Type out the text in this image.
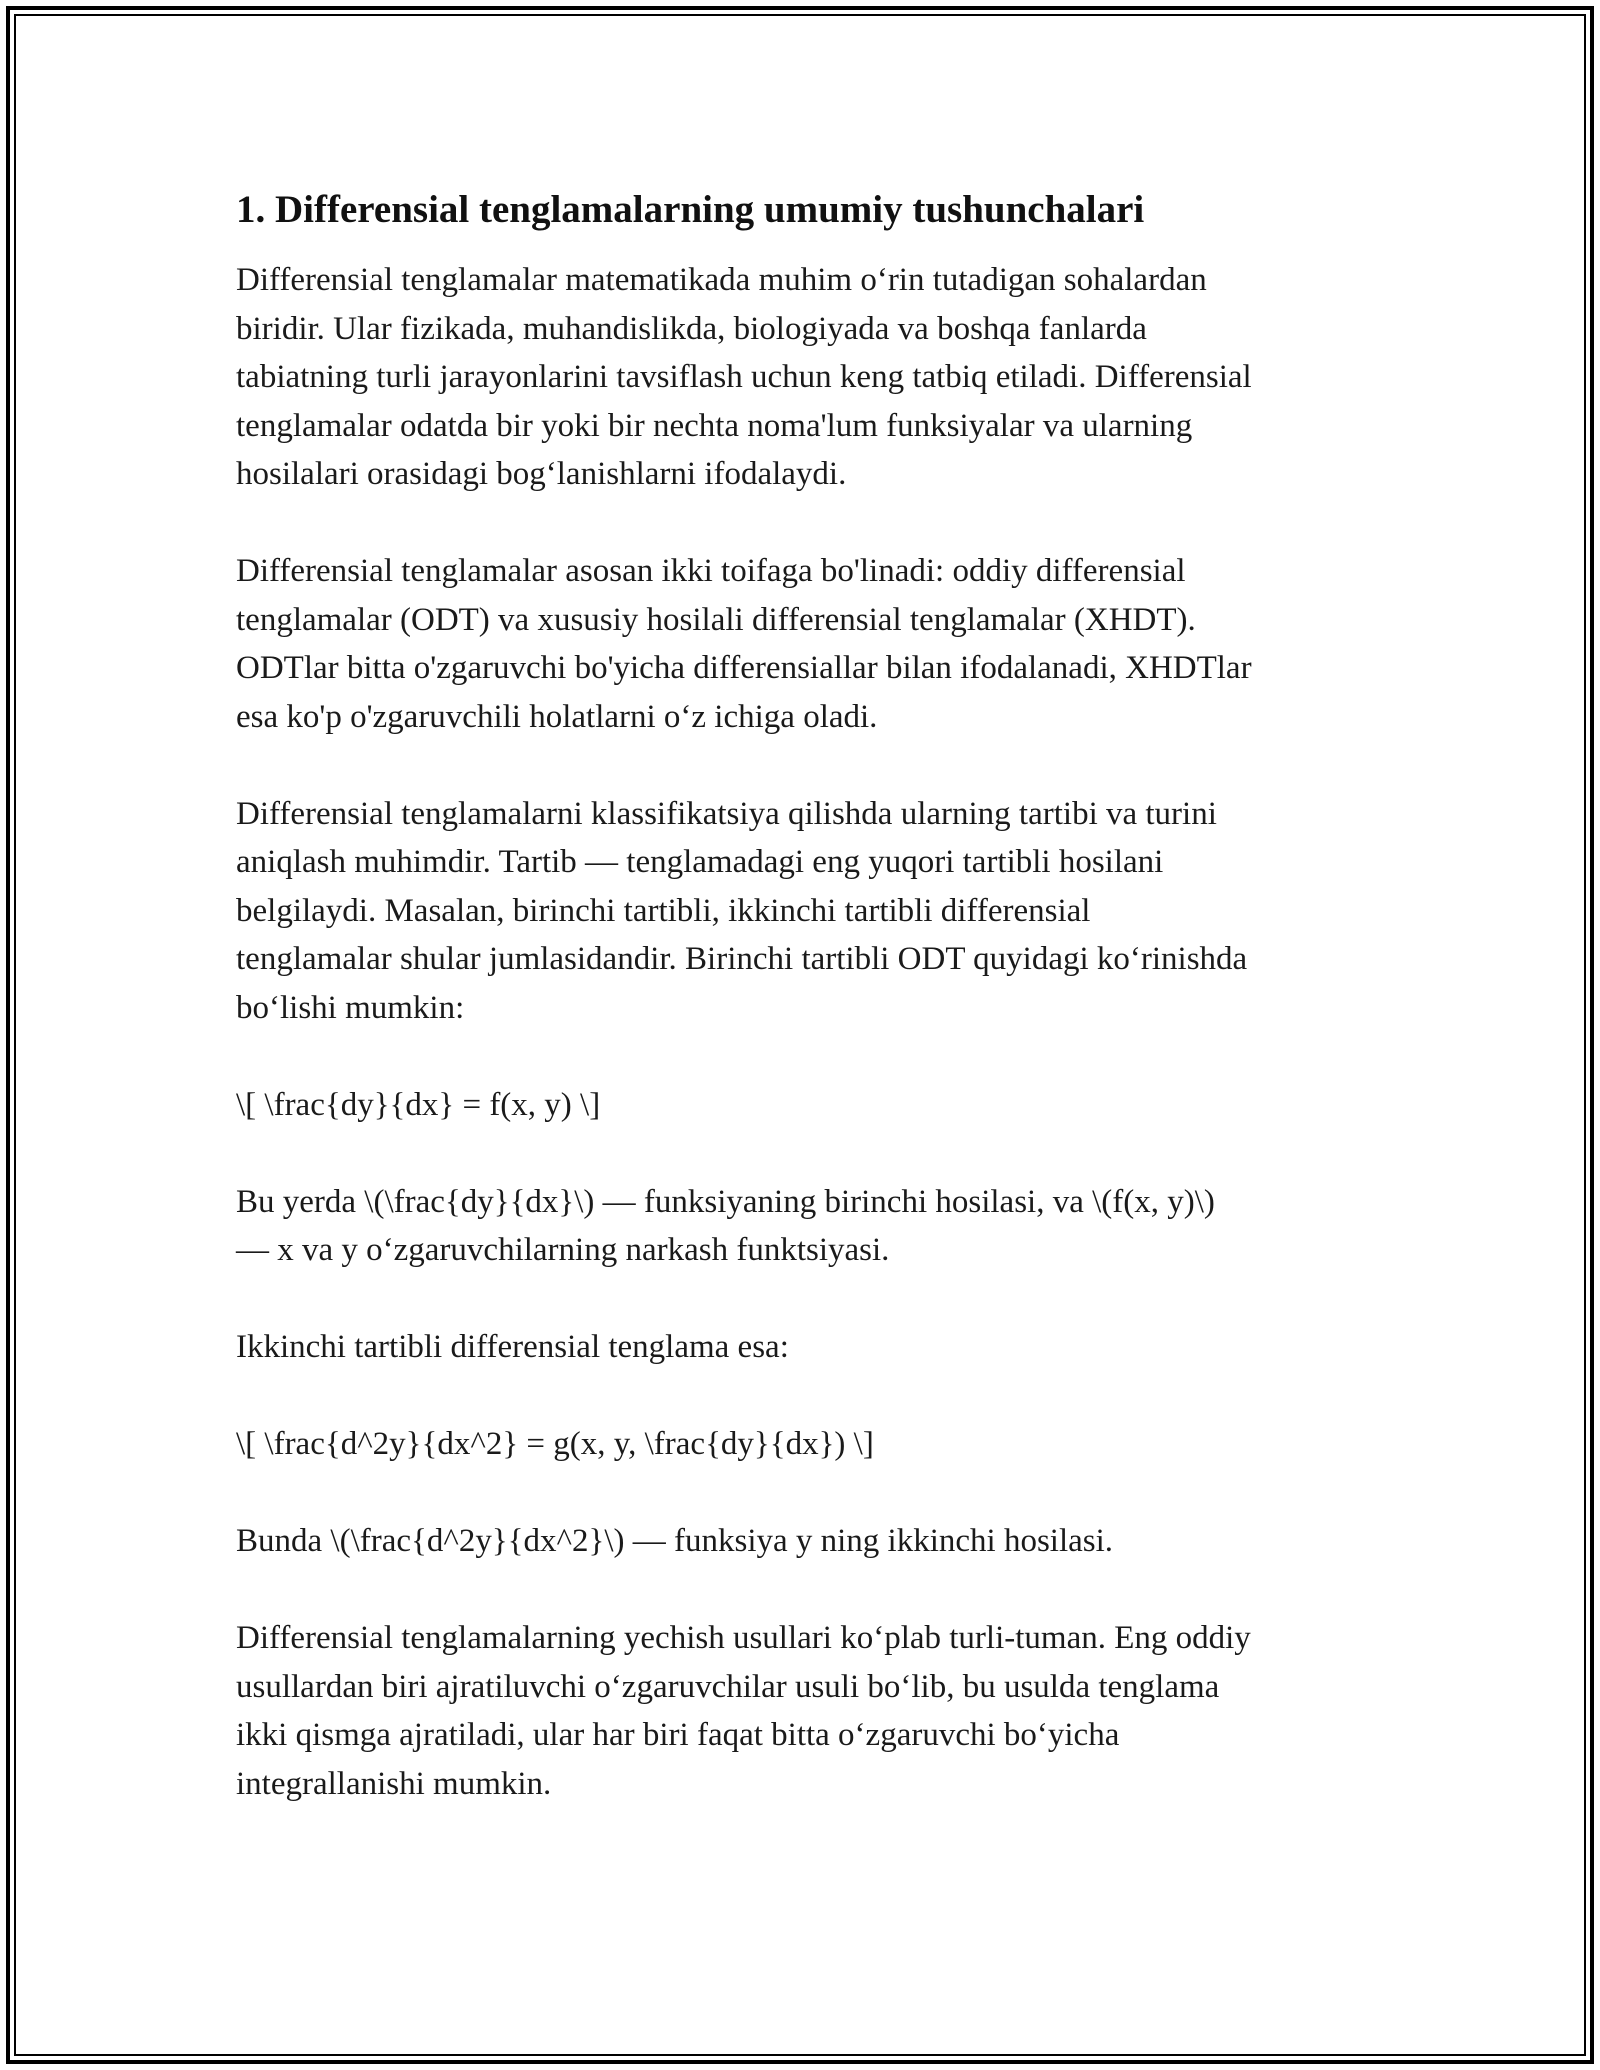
1. Differensial tenglamalarning umumiy tushunchalari

Differensial tenglamalar matematikada muhim o‘rin tutadigan sohalardan
biridir. Ular fizikada, muhandislikda, biologiyada va boshqa fanlarda
tabiatning turli jarayonlarini tavsiflash uchun keng tatbiq etiladi. Differensial
tenglamalar odatda bir yoki bir nechta noma'lum funksiyalar va ularning
hosilalari orasidagi bog‘lanishlarni ifodalaydi.

Differensial tenglamalar asosan ikki toifaga bo'linadi: oddiy differensial
tenglamalar (ODT) va xususiy hosilali differensial tenglamalar (XHDT).
ODTlar bitta o'zgaruvchi bo'yicha differensiallar bilan ifodalanadi, XHDTlar
esa ko'p o'zgaruvchili holatlarni o‘z ichiga oladi.

Differensial tenglamalarni klassifikatsiya qilishda ularning tartibi va turini
aniqlash muhimdir. Tartib — tenglamadagi eng yuqori tartibli hosilani
belgilaydi. Masalan, birinchi tartibli, ikkinchi tartibli differensial
tenglamalar shular jumlasidandir. Birinchi tartibli ODT quyidagi ko‘rinishda
bo‘lishi mumkin:

\[ \frac{dy}{dx} = f(x, y) \]

Bu yerda \(\frac{dy}{dx}\) — funksiyaning birinchi hosilasi, va \(f(x, y)\)
— x va y o‘zgaruvchilarning narkash funktsiyasi.

Ikkinchi tartibli differensial tenglama esa:

\[ \frac{d^2y}{dx^2} = g(x, y, \frac{dy}{dx}) \]

Bunda \(\frac{d^2y}{dx^2}\) — funksiya y ning ikkinchi hosilasi.

Differensial tenglamalarning yechish usullari ko‘plab turli-tuman. Eng oddiy
usullardan biri ajratiluvchi o‘zgaruvchilar usuli bo‘lib, bu usulda tenglama
ikki qismga ajratiladi, ular har biri faqat bitta o‘zgaruvchi bo‘yicha
integrallanishi mumkin.
